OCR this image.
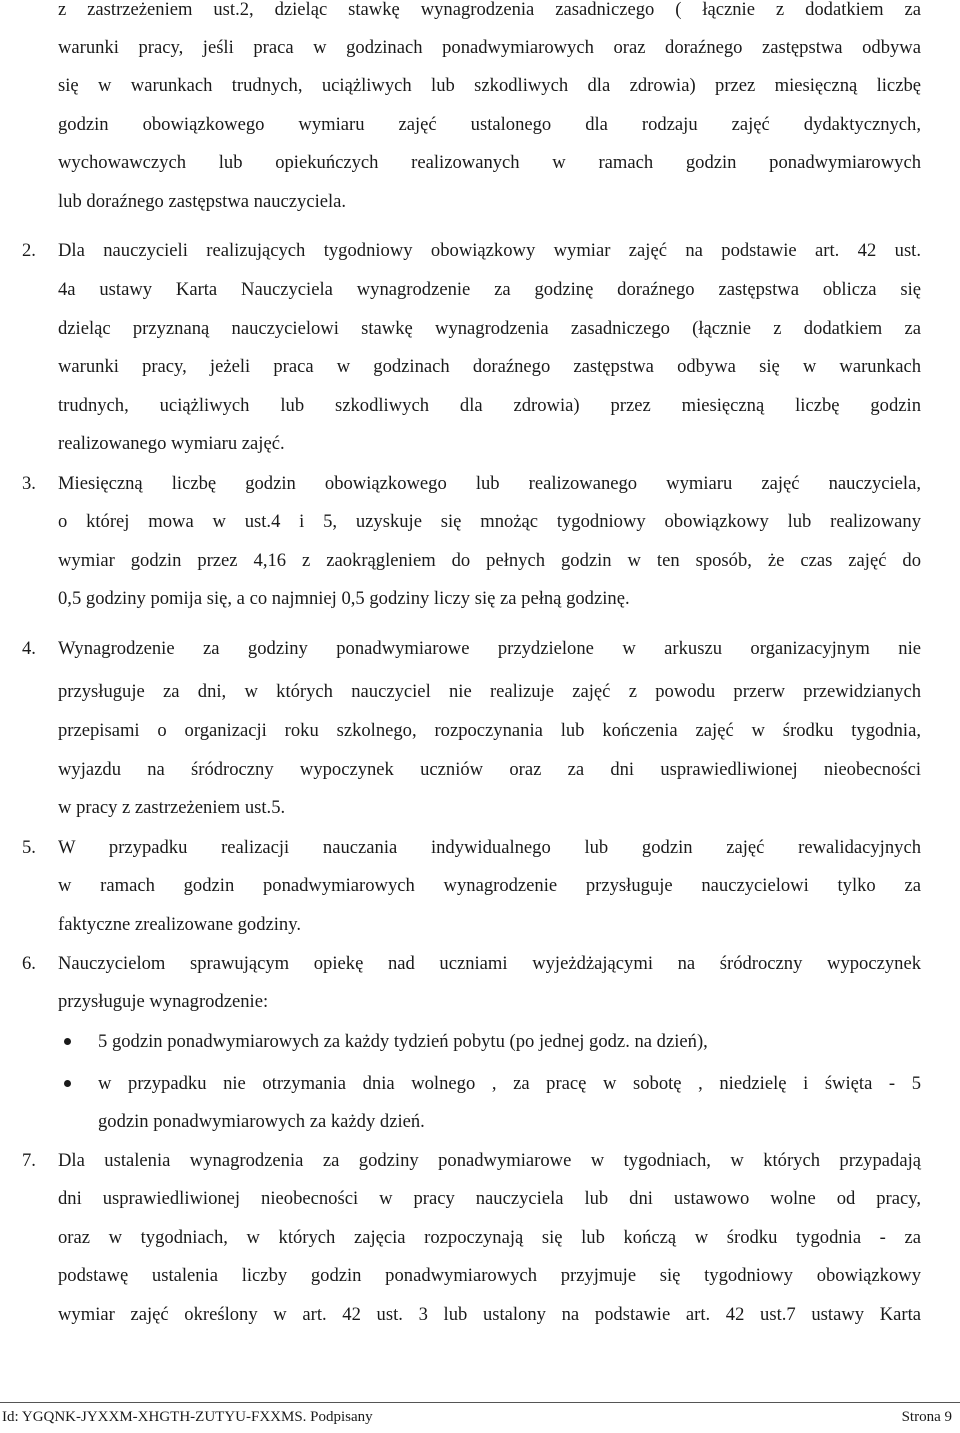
z zastrzeżeniem ust.2, dzieląc stawkę wynagrodzenia zasadniczego ( łącznie z dodatkiem za
warunki pracy, jeśli praca w godzinach ponadwymiarowych oraz doraźnego zastępstwa odbywa
się w warunkach trudnych, uciążliwych lub szkodliwych dla zdrowia) przez miesięczną liczbę
godzin obowiązkowego wymiaru zajęć ustalonego dla rodzaju zajęć dydaktycznych,
wychowawczych lub opiekuńczych realizowanych w ramach godzin ponadwymiarowych
lub doraźnego zastępstwa nauczyciela.
2. Dla nauczycieli realizujących tygodniowy obowiązkowy wymiar zajęć na podstawie art. 42 ust.
4a ustawy Karta Nauczyciela wynagrodzenie za godzinę doraźnego zastępstwa oblicza się
dzieląc przyznaną nauczycielowi stawkę wynagrodzenia zasadniczego (łącznie z dodatkiem za
warunki pracy, jeżeli praca w godzinach doraźnego zastępstwa odbywa się w warunkach
trudnych, uciążliwych lub szkodliwych dla zdrowia) przez miesięczną liczbę godzin
realizowanego wymiaru zajęć.
3. Miesięczną liczbę godzin obowiązkowego lub realizowanego wymiaru zajęć nauczyciela,
o której mowa w ust.4 i 5, uzyskuje się mnożąc tygodniowy obowiązkowy lub realizowany
wymiar godzin przez 4,16 z zaokrągleniem do pełnych godzin w ten sposób, że czas zajęć do
0,5 godziny pomija się, a co najmniej 0,5 godziny liczy się za pełną godzinę.
4. Wynagrodzenie za godziny ponadwymiarowe przydzielone w arkuszu organizacyjnym nie
przysługuje za dni, w których nauczyciel nie realizuje zajęć z powodu przerw przewidzianych
przepisami o organizacji roku szkolnego, rozpoczynania lub kończenia zajęć w środku tygodnia,
wyjazdu na śródroczny wypoczynek uczniów oraz za dni usprawiedliwionej nieobecności
w pracy z zastrzeżeniem ust.5.
5. W przypadku realizacji nauczania indywidualnego lub godzin zajęć rewalidacyjnych
w ramach godzin ponadwymiarowych wynagrodzenie przysługuje nauczycielowi tylko za
faktyczne zrealizowane godziny.
6. Nauczycielom sprawującym opiekę nad uczniami wyjeżdżającymi na śródroczny wypoczynek
przysługuje wynagrodzenie:
5 godzin ponadwymiarowych za każdy tydzień pobytu (po jednej godz. na dzień),
w przypadku nie otrzymania dnia wolnego , za pracę w sobotę , niedzielę i święta - 5
godzin ponadwymiarowych za każdy dzień.
7. Dla ustalenia wynagrodzenia za godziny ponadwymiarowe w tygodniach, w których przypadają
dni usprawiedliwionej nieobecności w pracy nauczyciela lub dni ustawowo wolne od pracy,
oraz w tygodniach, w których zajęcia rozpoczynają się lub kończą w środku tygodnia - za
podstawę ustalenia liczby godzin ponadwymiarowych przyjmuje się tygodniowy obowiązkowy
wymiar zajęć określony w art. 42 ust. 3 lub ustalony na podstawie art. 42 ust.7 ustawy Karta
Id: YGQNK-JYXXM-XHGTH-ZUTYU-FXXMS. Podpisany	Strona 9
